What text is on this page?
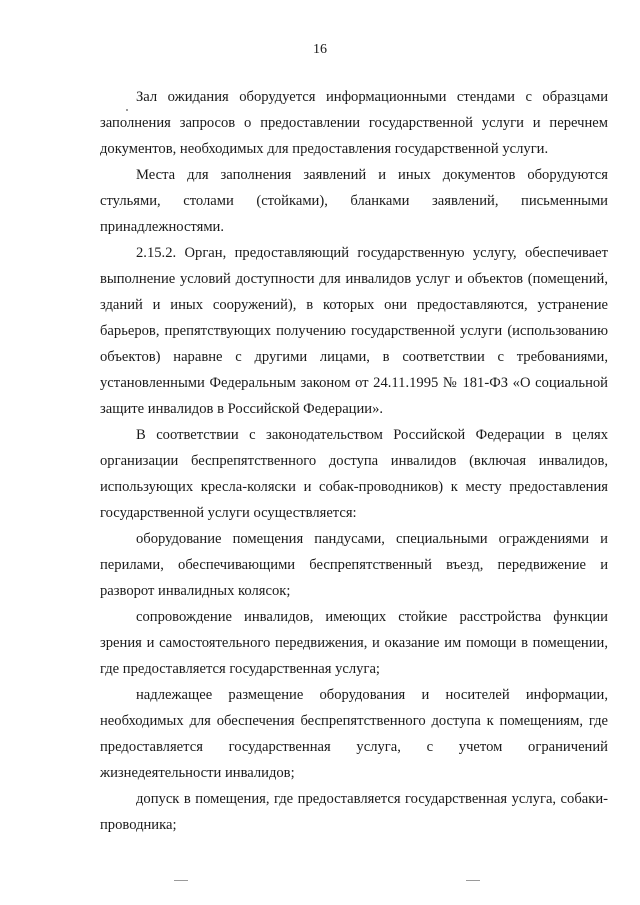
16

Зал ожидания оборудуется информационными стендами с образцами заполнения запросов о предоставлении государственной услуги и перечнем документов, необходимых для предоставления государственной услуги.

Места для заполнения заявлений и иных документов оборудуются стульями, столами (стойками), бланками заявлений, письменными принадлежностями.

2.15.2. Орган, предоставляющий государственную услугу, обеспечивает выполнение условий доступности для инвалидов услуг и объектов (помещений, зданий и иных сооружений), в которых они предоставляются, устранение барьеров, препятствующих получению государственной услуги (использованию объектов) наравне с другими лицами, в соответствии с требованиями, установленными Федеральным законом от 24.11.1995 № 181-ФЗ «О социальной защите инвалидов в Российской Федерации».

В соответствии с законодательством Российской Федерации в целях организации беспрепятственного доступа инвалидов (включая инвалидов, использующих кресла-коляски и собак-проводников) к месту предоставления государственной услуги осуществляется:

оборудование помещения пандусами, специальными ограждениями и перилами, обеспечивающими беспрепятственный въезд, передвижение и разворот инвалидных колясок;

сопровождение инвалидов, имеющих стойкие расстройства функции зрения и самостоятельного передвижения, и оказание им помощи в помещении, где предоставляется государственная услуга;

надлежащее размещение оборудования и носителей информации, необходимых для обеспечения беспрепятственного доступа к помещениям, где предоставляется государственная услуга, с учетом ограничений жизнедеятельности инвалидов;

допуск в помещения, где предоставляется государственная услуга, собаки-проводника;
